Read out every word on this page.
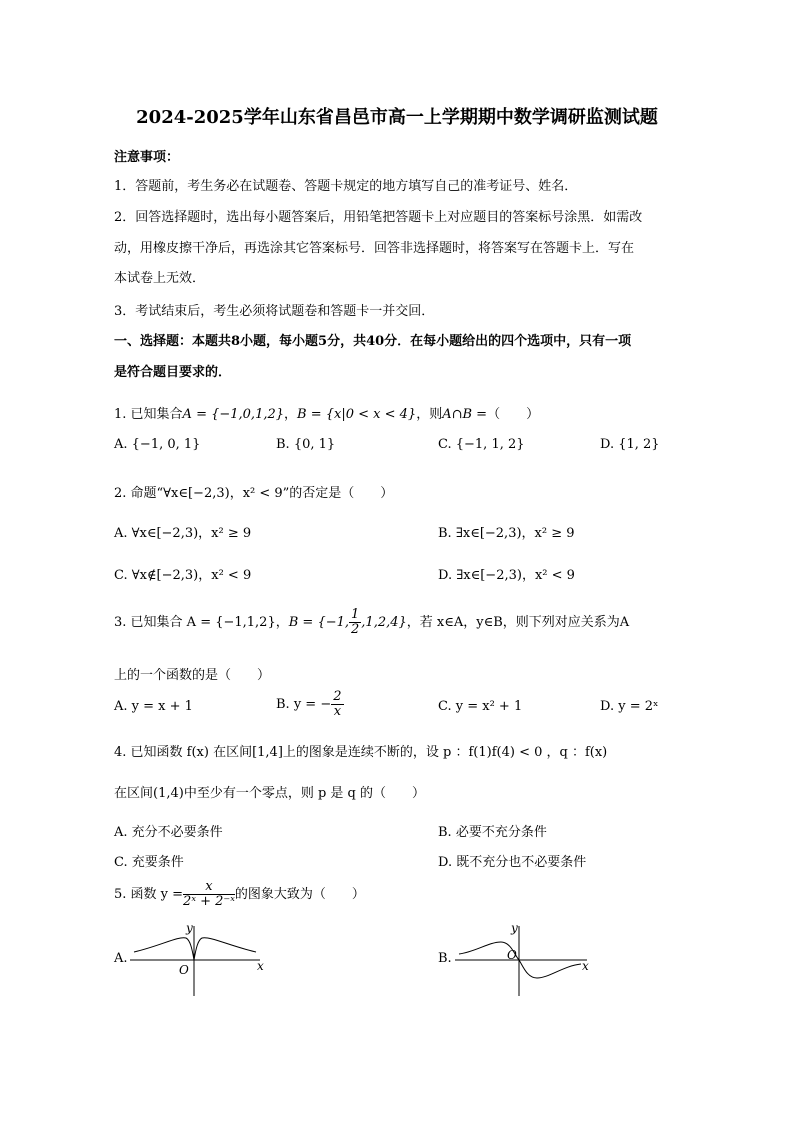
2024-2025学年山东省昌邑市高一上学期期中数学调研监测试题
注意事项：
1．答题前，考生务必在试题卷、答题卡规定的地方填写自己的准考证号、姓名．
2．回答选择题时，选出每小题答案后，用铅笔把答题卡上对应题目的答案标号涂黑．如需改
动，用橡皮擦干净后，再选涂其它答案标号．回答非选择题时，将答案写在答题卡上．写在
本试卷上无效．
3．考试结束后，考生必须将试题卷和答题卡一并交回．
一、选择题：本题共8小题，每小题5分，共40分．在每小题给出的四个选项中，只有一项
是符合题目要求的．
1. 已知集合A = {−1,0,1,2}，B = {x|0 < x < 4}，则A∩B =（　　）
A. {−1, 0, 1}	B. {0, 1}	C. {−1, 1, 2}	D. {1, 2}
2. 命题“∀x∈[−2,3)，x² < 9”的否定是（　　）
A. ∀x∈[−2,3)，x² ≥ 9	B. ∃x∈[−2,3)，x² ≥ 9
C. ∀x∉[−2,3)，x² < 9	D. ∃x∈[−2,3)，x² < 9
3. 已知集合 A = {−1,1,2}，B = {−1, $\frac{1}{2} ,1,2,4$}，若 x∈A，y∈B，则下列对应关系为A
上的一个函数的是（　　）
A. y = x + 1	B. y = − $\frac{2}{x}$	C. y = x² + 1	D. y = 2ˣ
4. 已知函数 f(x) 在区间[1,4]上的图象是连续不断的，设 p ：f(1)f(4) < 0 ，q ：f(x)
在区间(1,4)中至少有一个零点，则 p 是 q 的（　　）
A. 充分不必要条件	B. 必要不充分条件
C. 充要条件	D. 既不充分也不必要条件
5. 函数 $y = \frac{x}{\text{2ˣ + 2⁻ˣ}}$ 的图象大致为（　　）
A.
y
x
O
B.
y
x
O
